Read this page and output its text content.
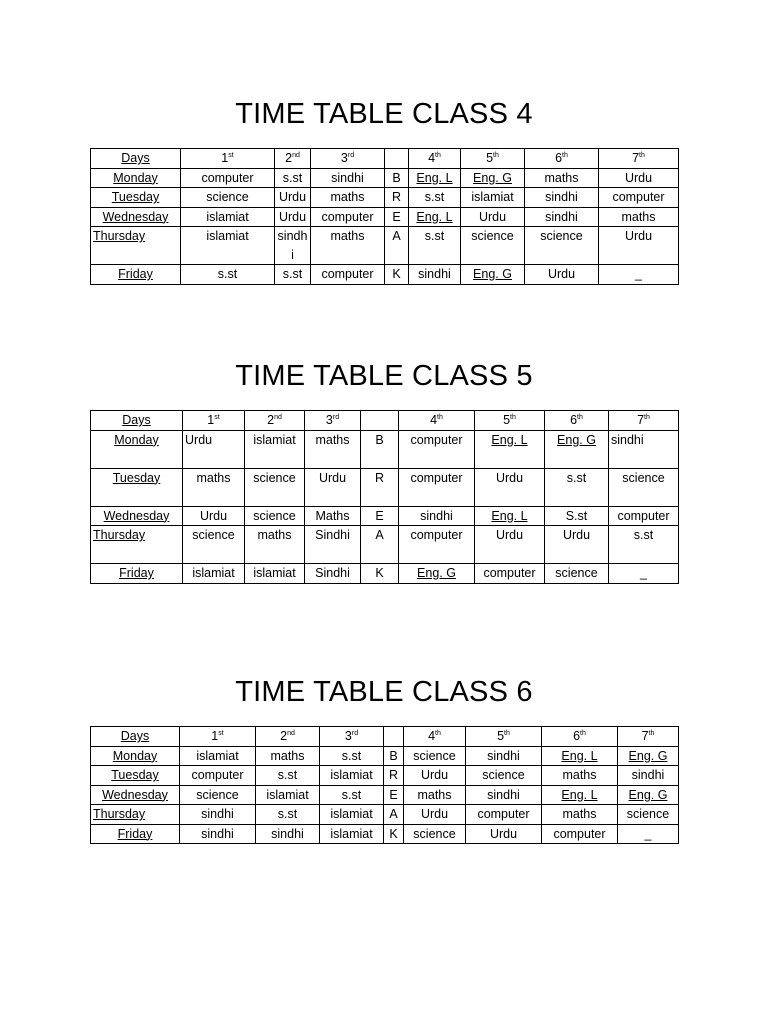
TIME TABLE CLASS 4
Days	1st	2nd	3rd		4th	5th	6th	7th
Monday	computer	s.st	sindhi	B	Eng. L	Eng. G	maths	Urdu
Tuesday	science	Urdu	maths	R	s.st	islamiat	sindhi	computer
Wednesday	islamiat	Urdu	computer	E	Eng. L	Urdu	sindhi	maths
Thursday	islamiat	sindhi	maths	A	s.st	science	science	Urdu
Friday	s.st	s.st	computer	K	sindhi	Eng. G	Urdu	_
TIME TABLE CLASS 5
Days	1st	2nd	3rd		4th	5th	6th	7th
Monday	Urdu	islamiat	maths	B	computer	Eng. L	Eng. G	sindhi
Tuesday	maths	science	Urdu	R	computer	Urdu	s.st	science
Wednesday	Urdu	science	Maths	E	sindhi	Eng. L	S.st	computer
Thursday	science	maths	Sindhi	A	computer	Urdu	Urdu	s.st
Friday	islamiat	islamiat	Sindhi	K	Eng. G	computer	science	_
TIME TABLE CLASS 6
Days	1st	2nd	3rd		4th	5th	6th	7th
Monday	islamiat	maths	s.st	B	science	sindhi	Eng. L	Eng. G
Tuesday	computer	s.st	islamiat	R	Urdu	science	maths	sindhi
Wednesday	science	islamiat	s.st	E	maths	sindhi	Eng. L	Eng. G
Thursday	sindhi	s.st	islamiat	A	Urdu	computer	maths	science
Friday	sindhi	sindhi	islamiat	K	science	Urdu	computer	_
